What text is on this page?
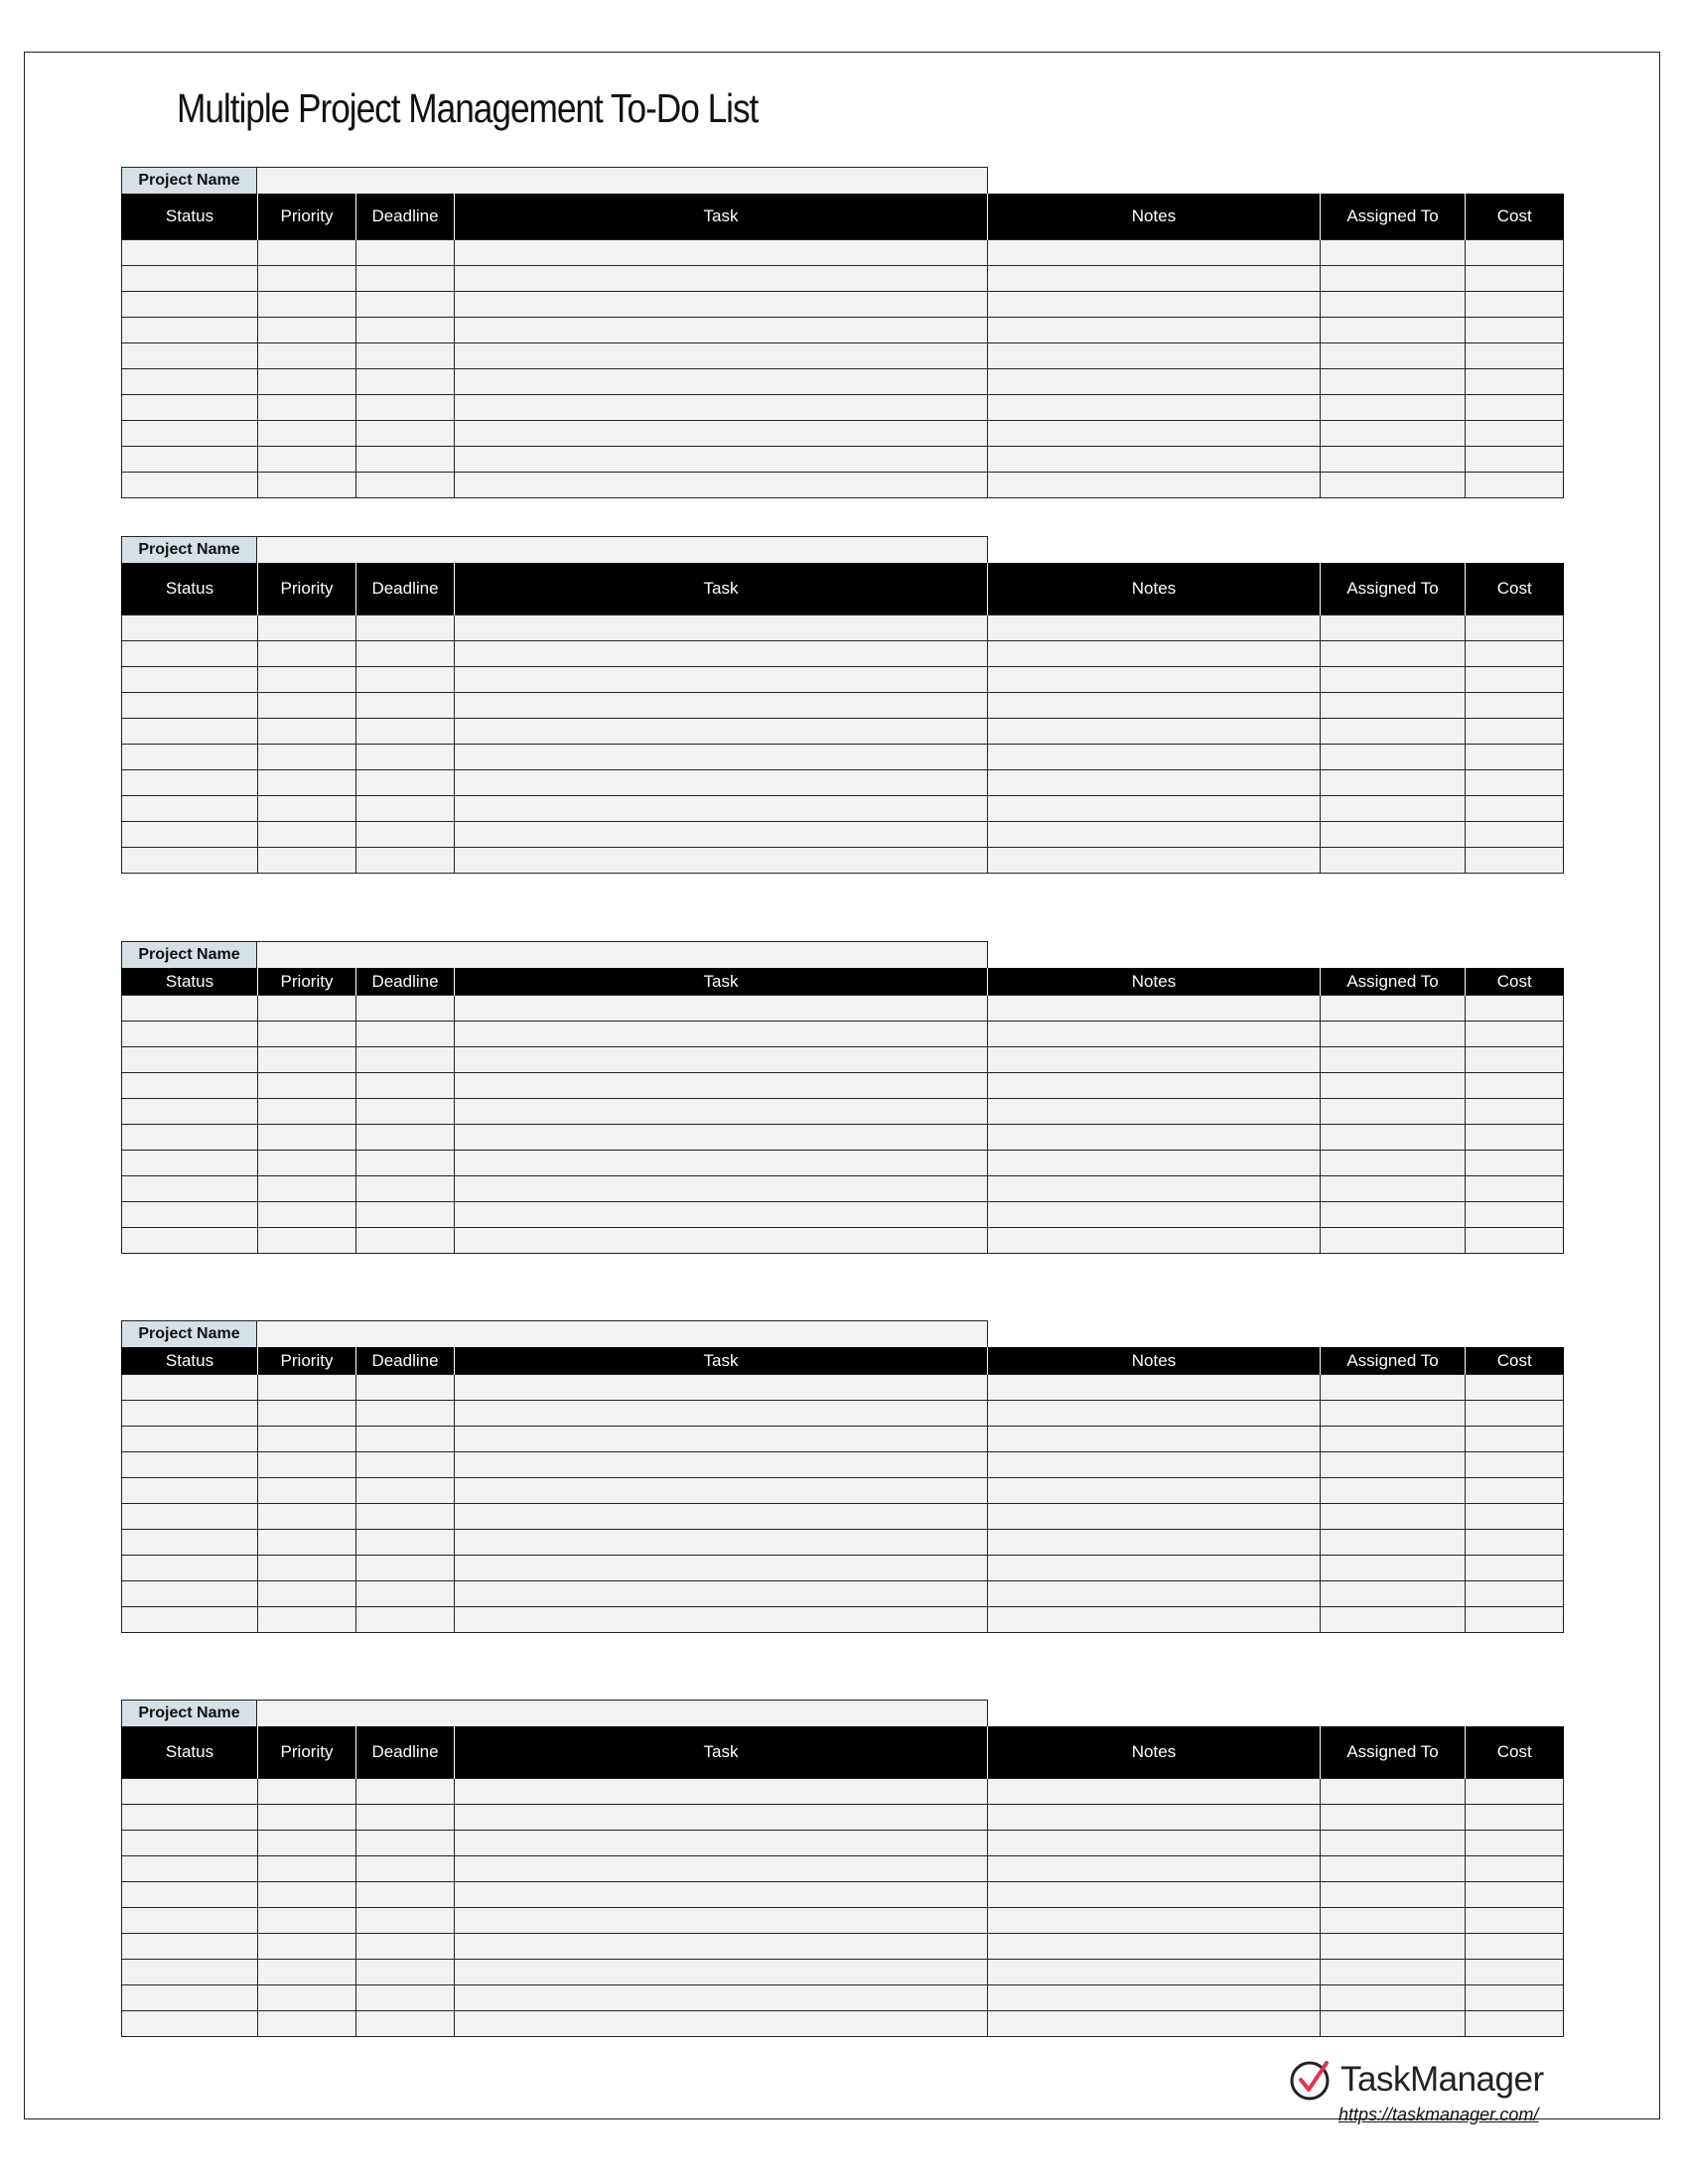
Multiple Project Management To-Do List
Project Name
Status	Priority	Deadline	Task	Notes	Assigned To	Cost

Project Name
Status	Priority	Deadline	Task	Notes	Assigned To	Cost

Project Name
Status	Priority	Deadline	Task	Notes	Assigned To	Cost

Project Name
Status	Priority	Deadline	Task	Notes	Assigned To	Cost

Project Name
Status	Priority	Deadline	Task	Notes	Assigned To	Cost

TaskManager
https://taskmanager.com/
